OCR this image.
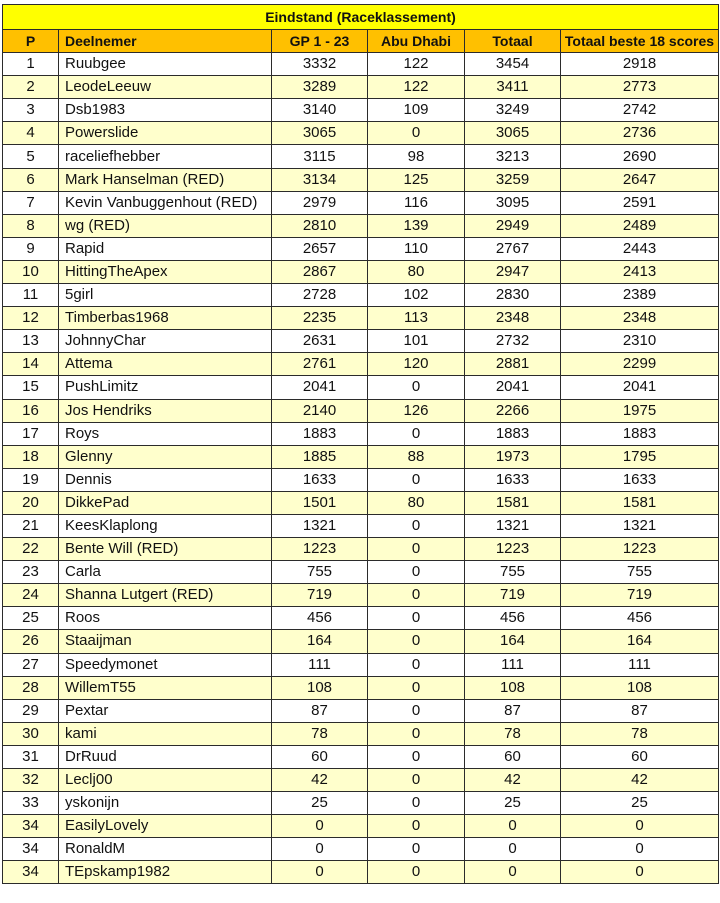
Eindstand (Raceklassement)					
P	Deelnemer	GP 1 - 23	Abu Dhabi	Totaal	Totaal beste 18 scores
1	Ruubgee	3332	122	3454	2918
2	LeodeLeeuw	3289	122	3411	2773
3	Dsb1983	3140	109	3249	2742
4	Powerslide	3065	0	3065	2736
5	raceliefhebber	3115	98	3213	2690
6	Mark Hanselman (RED)	3134	125	3259	2647
7	Kevin Vanbuggenhout (RED)	2979	116	3095	2591
8	wg (RED)	2810	139	2949	2489
9	Rapid	2657	110	2767	2443
10	HittingTheApex	2867	80	2947	2413
11	5girl	2728	102	2830	2389
12	Timberbas1968	2235	113	2348	2348
13	JohnnyChar	2631	101	2732	2310
14	Attema	2761	120	2881	2299
15	PushLimitz	2041	0	2041	2041
16	Jos Hendriks	2140	126	2266	1975
17	Roys	1883	0	1883	1883
18	Glenny	1885	88	1973	1795
19	Dennis	1633	0	1633	1633
20	DikkePad	1501	80	1581	1581
21	KeesKlaplong	1321	0	1321	1321
22	Bente Will (RED)	1223	0	1223	1223
23	Carla	755	0	755	755
24	Shanna Lutgert (RED)	719	0	719	719
25	Roos	456	0	456	456
26	Staaijman	164	0	164	164
27	Speedymonet	111	0	111	111
28	WillemT55	108	0	108	108
29	Pextar	87	0	87	87
30	kami	78	0	78	78
31	DrRuud	60	0	60	60
32	Leclj00	42	0	42	42
33	yskonijn	25	0	25	25
34	EasilyLovely	0	0	0	0
34	RonaldM	0	0	0	0
34	TEpskamp1982	0	0	0	0
